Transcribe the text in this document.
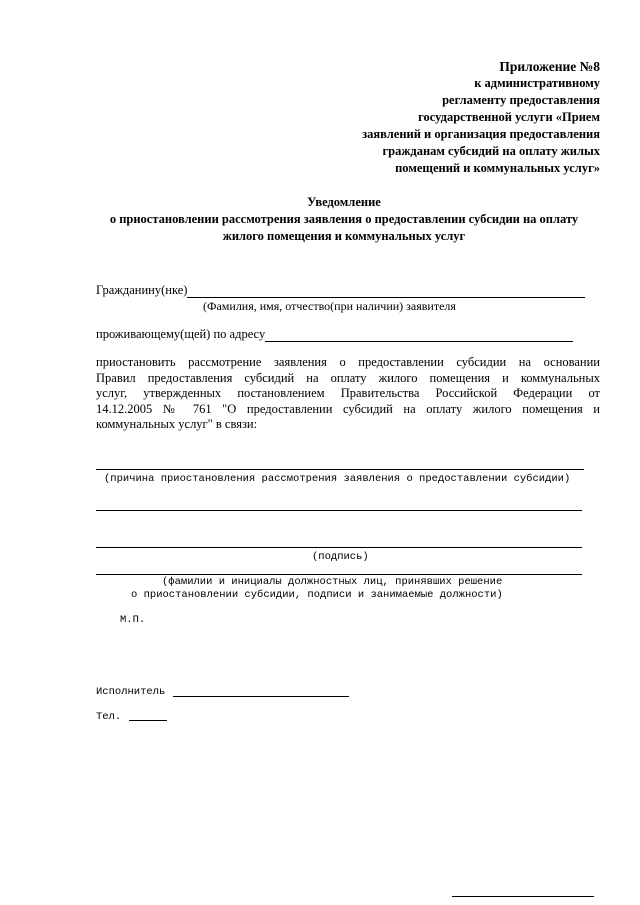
Приложение №8
к административному
регламенту предоставления
государственной услуги «Прием
заявлений и организация предоставления
гражданам субсидий на оплату жилых
помещений и коммунальных услуг»
Уведомление
о приостановлении рассмотрения заявления о предоставлении субсидии на оплату
жилого помещения и коммунальных услуг
Гражданину(нке)
(Фамилия, имя, отчество(при наличии) заявителя
проживающему(щей) по адресу
приостановить рассмотрение заявления о предоставлении субсидии на основании
Правил предоставления субсидий на оплату жилого помещения и коммунальных
услуг, утвержденных постановлением Правительства Российской Федерации от
14.12.2005 № 761 "О предоставлении субсидий на оплату жилого помещения и
коммунальных услуг" в связи:
(причина приостановления рассмотрения заявления о предоставлении субсидии)
(подпись)
(фамилии и инициалы должностных лиц, принявших решение
о приостановлении субсидии, подписи и занимаемые должности)
М.П.
Исполнитель
Тел.
